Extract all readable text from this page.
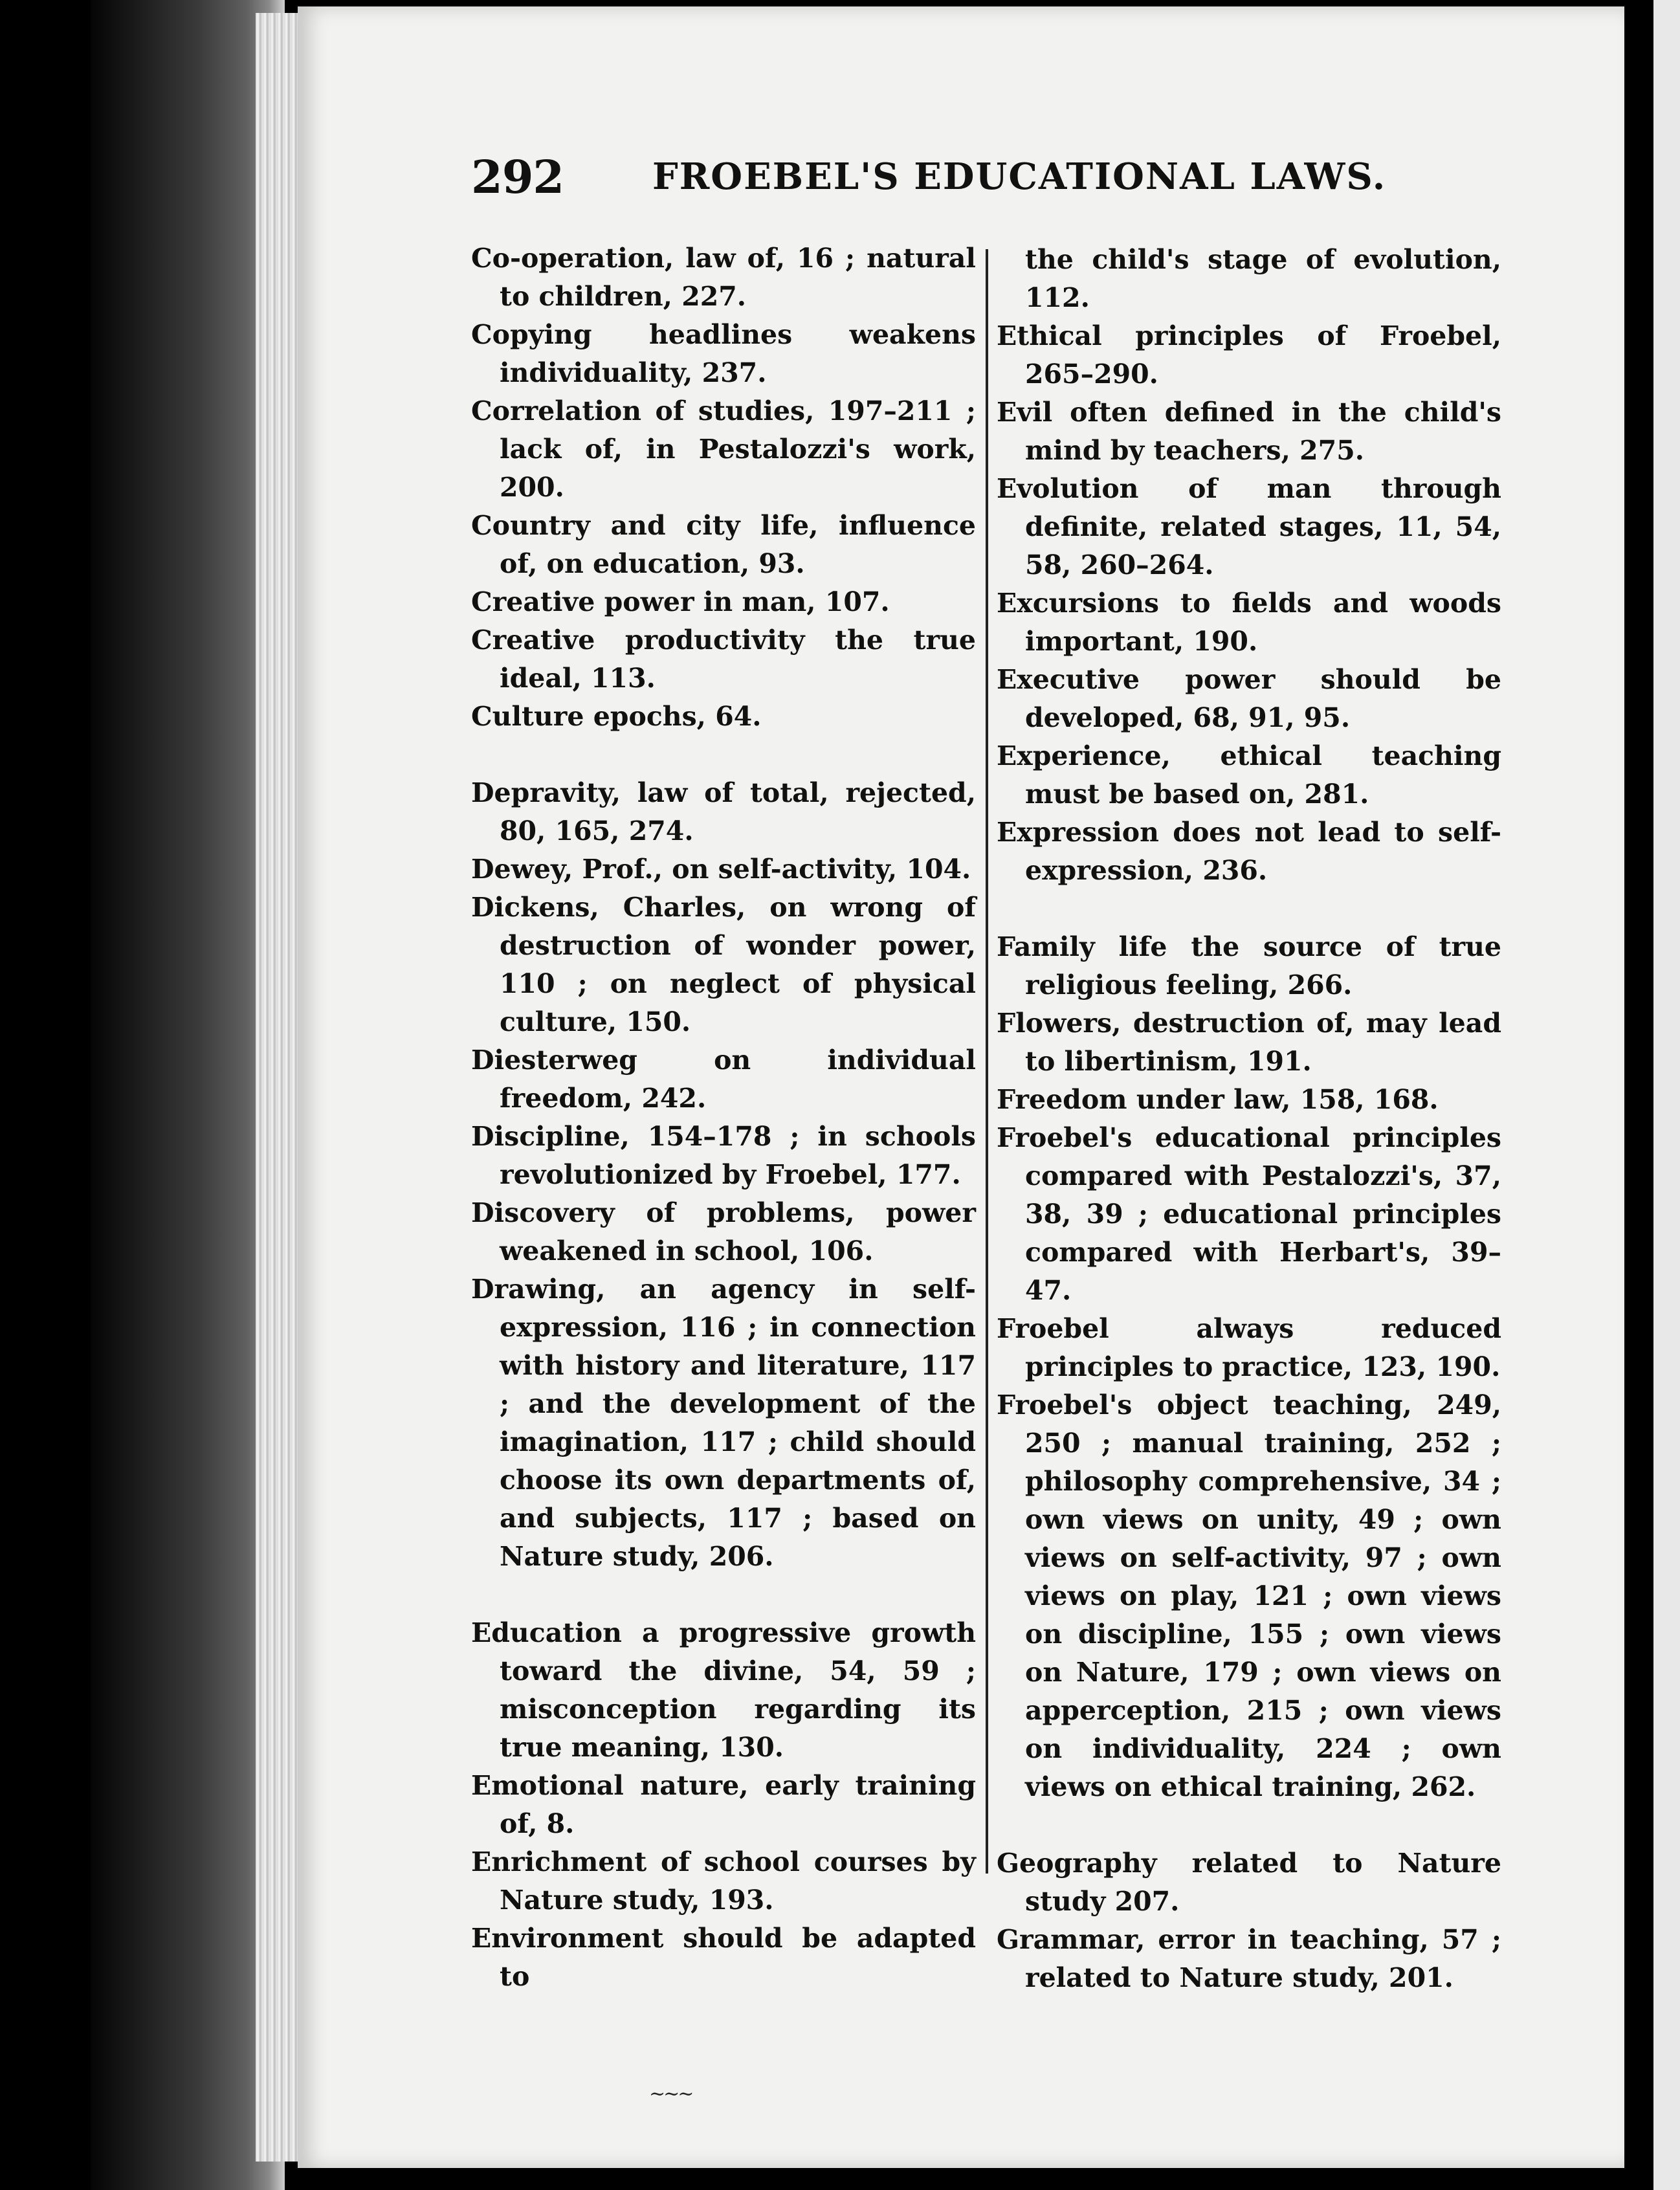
292 FROEBEL'S EDUCATIONAL LAWS.

Co-operation, law of, 16 ; natural to children, 227.

Copying headlines weakens individuality, 237.

Correlation of studies, 197–211 ; lack of, in Pestalozzi's work, 200.

Country and city life, influence of, on education, 93.

Creative power in man, 107.

Creative productivity the true ideal, 113.

Culture epochs, 64.

Depravity, law of total, rejected, 80, 165, 274.

Dewey, Prof., on self-activity, 104.

Dickens, Charles, on wrong of destruction of wonder power, 110 ; on neglect of physical culture, 150.

Diesterweg on individual freedom, 242.

Discipline, 154–178 ; in schools revolutionized by Froebel, 177.

Discovery of problems, power weakened in school, 106.

Drawing, an agency in self-expression, 116 ; in connection with history and literature, 117 ; and the development of the imagination, 117 ; child should choose its own departments of, and subjects, 117 ; based on Nature study, 206.

Education a progressive growth toward the divine, 54, 59 ; misconception regarding its true meaning, 130.

Emotional nature, early training of, 8.

Enrichment of school courses by Nature study, 193.

Environment should be adapted to

the child's stage of evolution, 112.

Ethical principles of Froebel, 265–290.

Evil often defined in the child's mind by teachers, 275.

Evolution of man through definite, related stages, 11, 54, 58, 260–264.

Excursions to fields and woods important, 190.

Executive power should be developed, 68, 91, 95.

Experience, ethical teaching must be based on, 281.

Expression does not lead to self-expression, 236.

Family life the source of true religious feeling, 266.

Flowers, destruction of, may lead to libertinism, 191.

Freedom under law, 158, 168.

Froebel's educational principles compared with Pestalozzi's, 37, 38, 39 ; educational principles compared with Herbart's, 39–47.

Froebel always reduced principles to practice, 123, 190.

Froebel's object teaching, 249, 250 ; manual training, 252 ; philosophy comprehensive, 34 ; own views on unity, 49 ; own views on self-activity, 97 ; own views on play, 121 ; own views on discipline, 155 ; own views on Nature, 179 ; own views on apperception, 215 ; own views on individuality, 224 ; own views on ethical training, 262.

Geography related to Nature study 207.

Grammar, error in teaching, 57 ; related to Nature study, 201.

~~~
